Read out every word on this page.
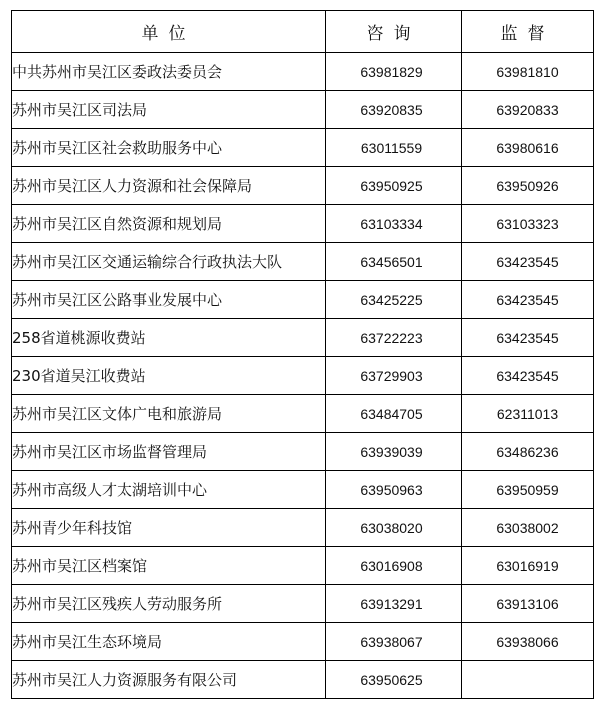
单位	咨询	监督
中共苏州市吴江区委政法委员会	63981829	63981810
苏州市吴江区司法局	63920835	63920833
苏州市吴江区社会救助服务中心	63011559	63980616
苏州市吴江区人力资源和社会保障局	63950925	63950926
苏州市吴江区自然资源和规划局	63103334	63103323
苏州市吴江区交通运输综合行政执法大队	63456501	63423545
苏州市吴江区公路事业发展中心	63425225	63423545
258省道桃源收费站	63722223	63423545
230省道吴江收费站	63729903	63423545
苏州市吴江区文体广电和旅游局	63484705	62311013
苏州市吴江区市场监督管理局	63939039	63486236
苏州市高级人才太湖培训中心	63950963	63950959
苏州青少年科技馆	63038020	63038002
苏州市吴江区档案馆	63016908	63016919
苏州市吴江区残疾人劳动服务所	63913291	63913106
苏州市吴江生态环境局	63938067	63938066
苏州市吴江人力资源服务有限公司	63950625	
